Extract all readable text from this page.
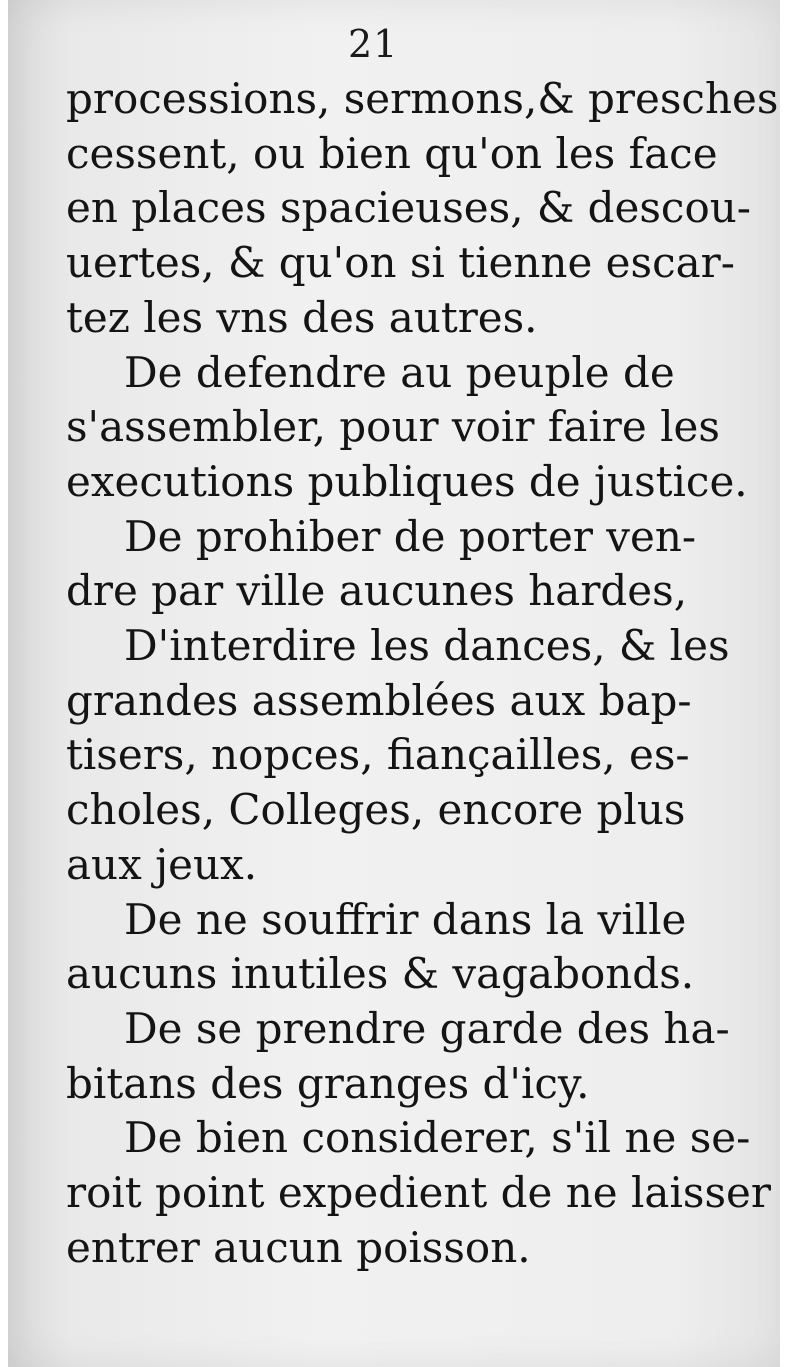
21
processions, sermons,& presches
cessent, ou bien qu'on les face
en places spacieuses, & descou-
uertes, & qu'on si tienne escar-
tez les vns des autres.
De defendre au peuple de
s'assembler, pour voir faire les
executions publiques de justice.
De prohiber de porter ven-
dre par ville aucunes hardes,
D'interdire les dances, & les
grandes assemblées aux bap-
tisers, nopces, fiançailles, es-
choles, Colleges, encore plus
aux jeux.
De ne souffrir dans la ville
aucuns inutiles & vagabonds.
De se prendre garde des ha-
bitans des granges d'icy.
De bien considerer, s'il ne se-
roit point expedient de ne laisser
entrer aucun poisson.
